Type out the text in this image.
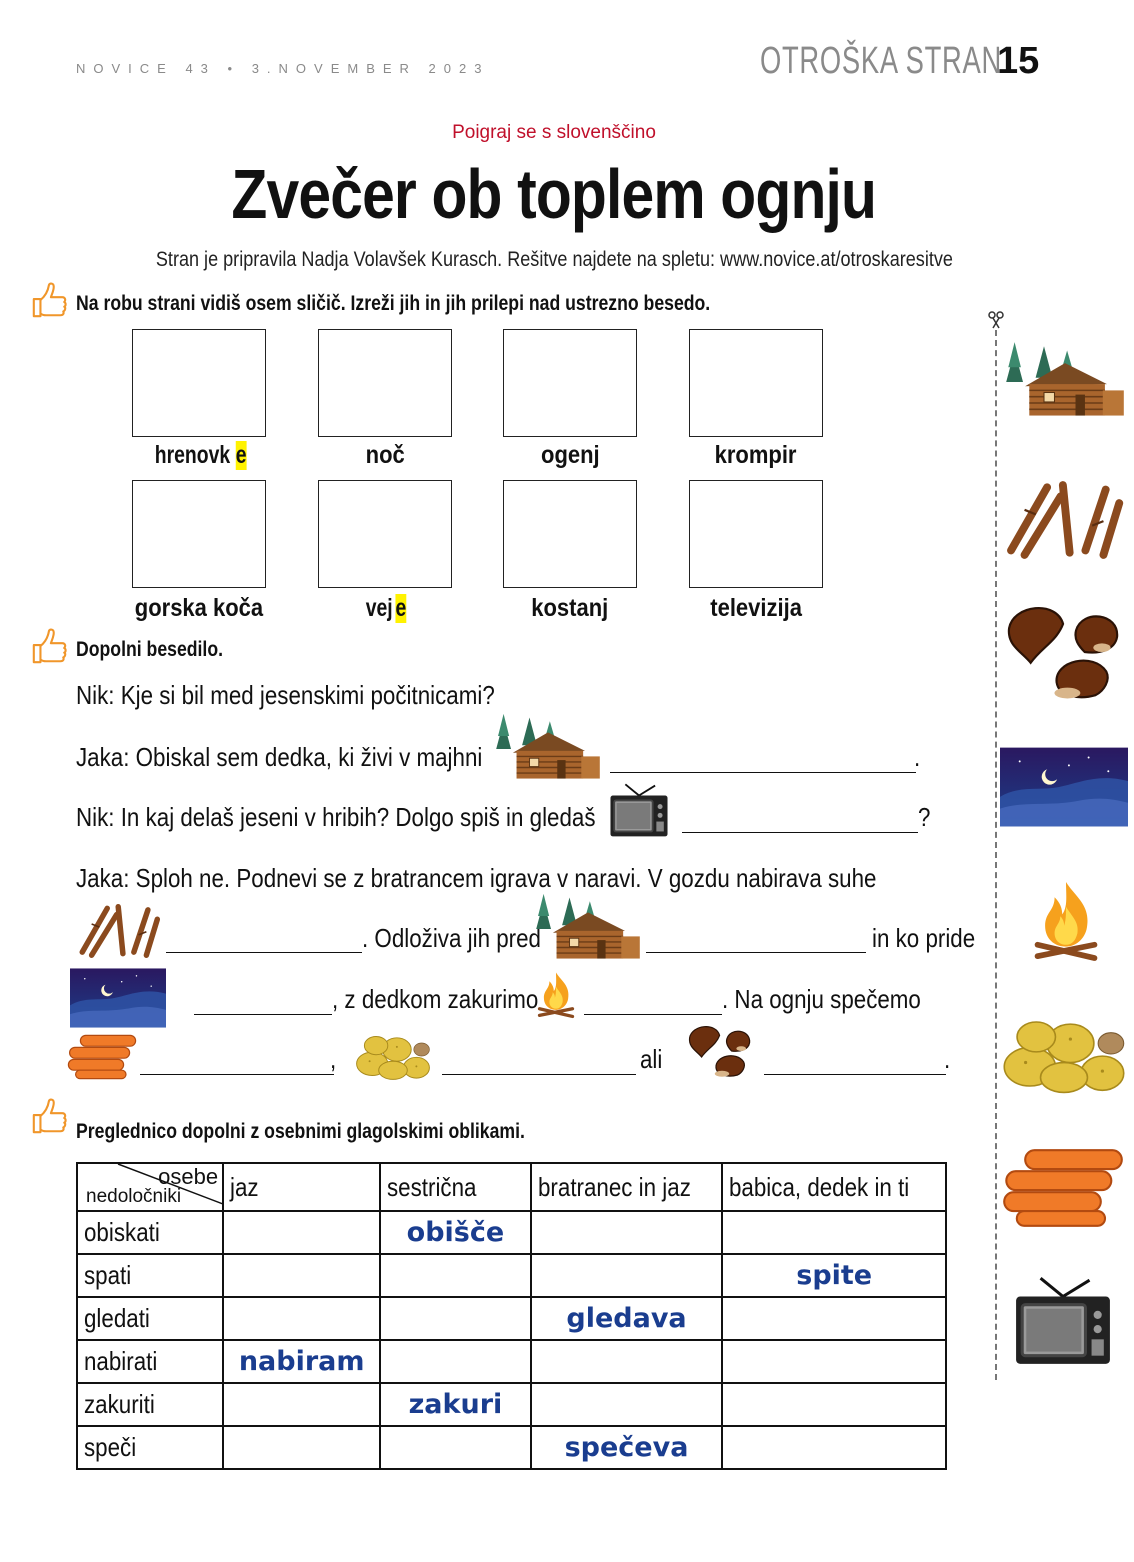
NOVICE 43 • 3.NOVEMBER 2023	OTROŠKA STRAN
15
Poigraj se s slovenščino
Zvečer ob toplem ognju
Stran je pripravila Nadja Volavšek Kurasch. Rešitve najdete na spletu: www.novice.at/otroskaresitve
Na robu strani vidiš osem sličič. Izreži jih in jih prilepi nad ustrezno besedo.
hrenovk e	noč	ogenj	krompir
gorska koča	vej e	kostanj	televizija
Dopolni besedilo.
Nik: Kje si bil med jesenskimi počitnicami?
Jaka: Obiskal sem dedka, ki živi v majhni	.
Nik: In kaj delaš jeseni v hribih? Dolgo spiš in gledaš	?
Jaka: Sploh ne. Podnevi se z bratrancem igrava v naravi. V gozdu nabirava suhe
. Odloživa jih pred	in ko pride
, z dedkom zakurimo	. Na ognju spečemo
,	ali	.
Preglednico dopolni z osebnimi glagolskimi oblikami.
osebe
nedoločniki	jaz	sestrična	bratranec in jaz	babica, dedek in ti
obiskati		obišče		
spati				spite
gledati			gledava	
nabirati	nabiram			
zakuriti		zakuri		
speči			spečeva	
